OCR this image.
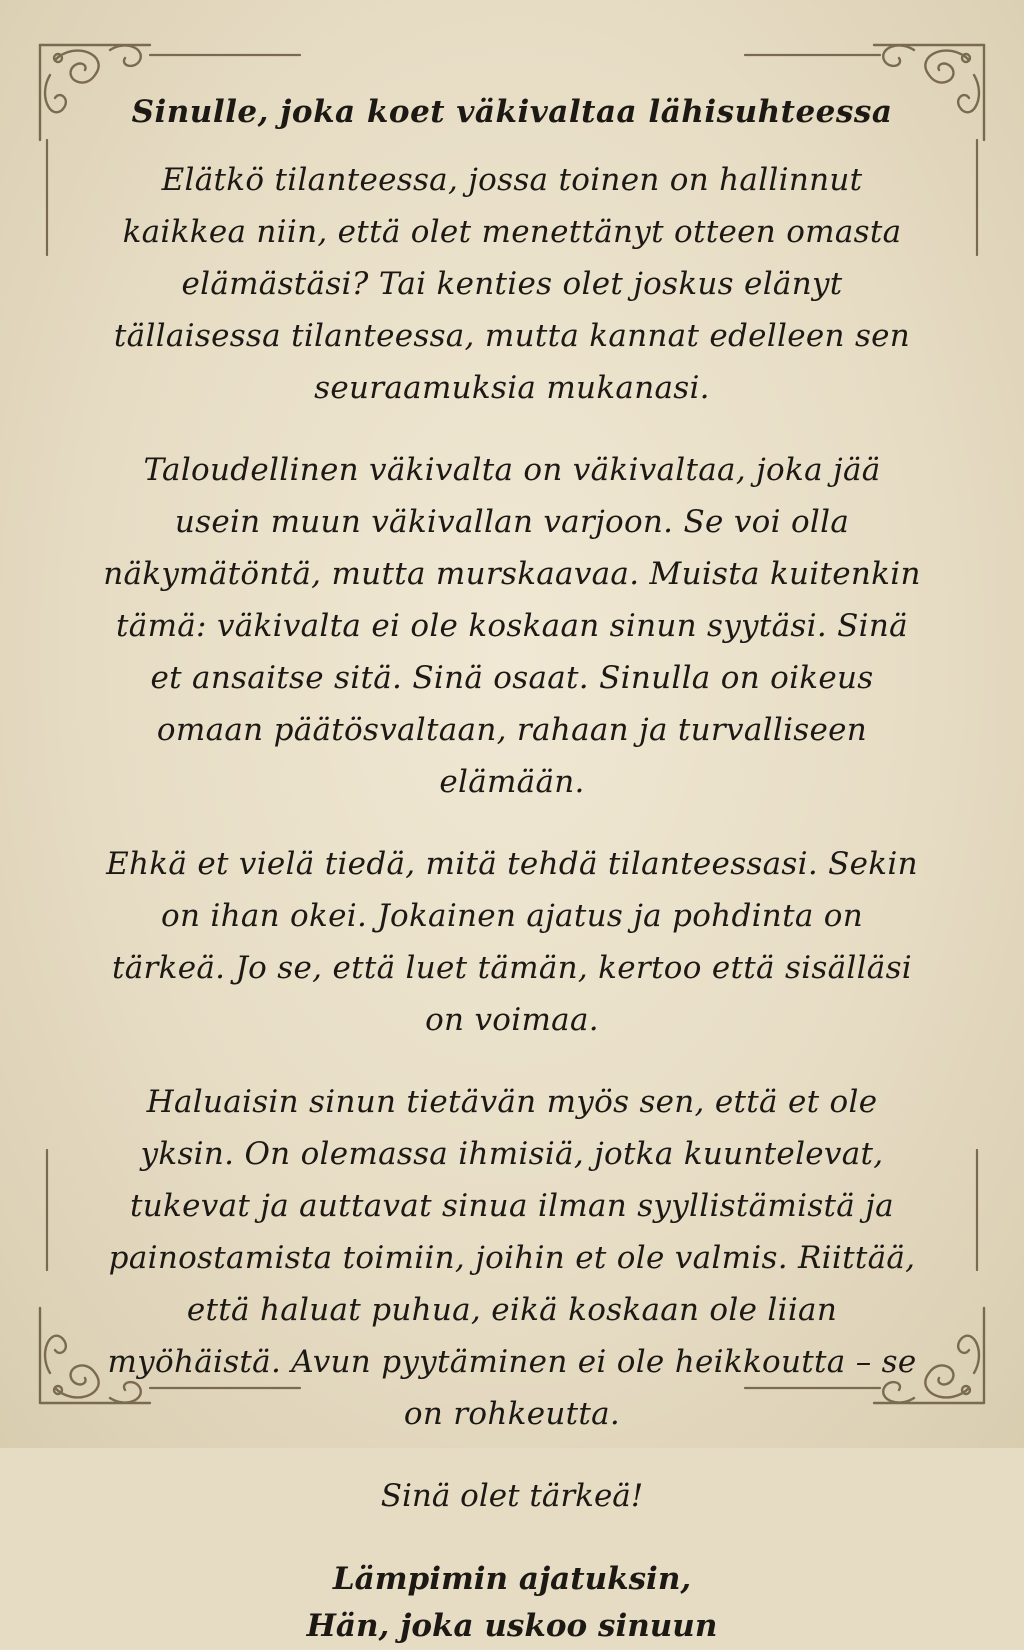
Sinulle, joka koet väkivaltaa lähisuhteessa

Elätkö tilanteessa, jossa toinen on hallinnut kaikkea niin, että olet menettänyt otteen omasta elämästäsi? Tai kenties olet joskus elänyt tällaisessa tilanteessa, mutta kannat edelleen sen seuraamuksia mukanasi.

Taloudellinen väkivalta on väkivaltaa, joka jää usein muun väkivallan varjoon. Se voi olla näkymätöntä, mutta murskaavaa. Muista kuitenkin tämä: väkivalta ei ole koskaan sinun syytäsi. Sinä et ansaitse sitä. Sinä osaat. Sinulla on oikeus omaan päätösvaltaan, rahaan ja turvalliseen elämään.

Ehkä et vielä tiedä, mitä tehdä tilanteessasi. Sekin on ihan okei. Jokainen ajatus ja pohdinta on tärkeä. Jo se, että luet tämän, kertoo että sisälläsi on voimaa.

Haluaisin sinun tietävän myös sen, että et ole yksin. On olemassa ihmisiä, jotka kuuntelevat, tukevat ja auttavat sinua ilman syyllistämistä ja painostamista toimiin, joihin et ole valmis. Riittää, että haluat puhua, eikä koskaan ole liian myöhäistä. Avun pyytäminen ei ole heikkoutta – se on rohkeutta.

Sinä olet tärkeä!

Lämpimin ajatuksin,

Hän, joka uskoo sinuun
